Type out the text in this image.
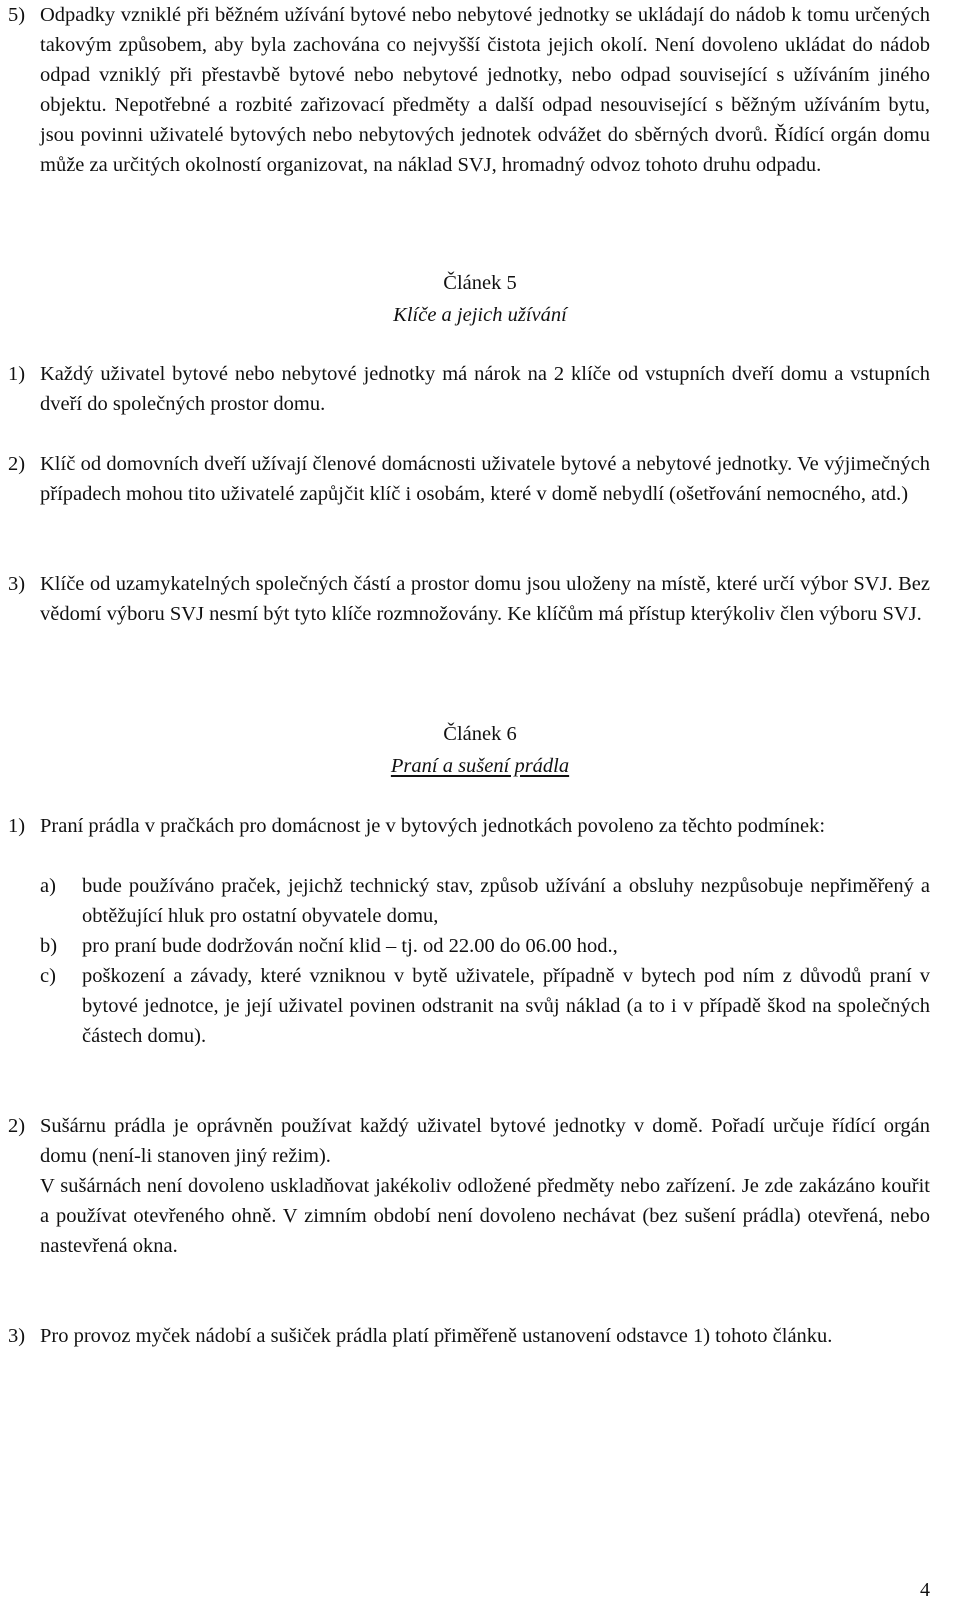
5) Odpadky vzniklé při běžném užívání bytové nebo nebytové jednotky se ukládají do nádob k tomu určených takovým způsobem, aby byla zachována co nejvyšší čistota jejich okolí. Není dovoleno ukládat do nádob odpad vzniklý při přestavbě bytové nebo nebytové jednotky, nebo odpad související s užíváním jiného objektu. Nepotřebné a rozbité zařizovací předměty a další odpad nesouvisející s běžným užíváním bytu, jsou povinni uživatelé bytových nebo nebytových jednotek odvážet do sběrných dvorů. Řídící orgán domu může za určitých okolností organizovat, na náklad SVJ, hromadný odvoz tohoto druhu odpadu.
Článek 5
Klíče a jejich užívání
1) Každý uživatel bytové nebo nebytové jednotky má nárok na 2 klíče od vstupních dveří domu a vstupních dveří do společných prostor domu.
2) Klíč od domovních dveří užívají členové domácnosti uživatele bytové a nebytové jednotky. Ve výjimečných případech mohou tito uživatelé zapůjčit klíč i osobám, které v domě nebydlí (ošetřování nemocného, atd.)
3) Klíče od uzamykatelných společných částí a prostor domu jsou uloženy na místě, které určí výbor SVJ. Bez vědomí výboru SVJ nesmí být tyto klíče rozmnožovány. Ke klíčům má přístup kterýkoliv člen výboru SVJ.
Článek 6
Praní a sušení prádla
1) Praní prádla v pračkách pro domácnost je v bytových jednotkách povoleno za těchto podmínek:
a) bude používáno praček, jejichž technický stav, způsob užívání a obsluhy nezpůsobuje nepřiměřený a obtěžující hluk pro ostatní obyvatele domu,
b) pro praní bude dodržován noční klid – tj. od 22.00 do 06.00 hod.,
c) poškození a závady, které vzniknou v bytě uživatele, případně v bytech pod ním z důvodů praní v bytové jednotce, je její uživatel povinen odstranit na svůj náklad (a to i v případě škod na společných částech domu).
2) Sušárnu prádla je oprávněn používat každý uživatel bytové jednotky v domě. Pořadí určuje řídící orgán domu (není-li stanoven jiný režim).

V sušárnách není dovoleno uskladňovat jakékoliv odložené předměty nebo zařízení. Je zde zakázáno kouřit a používat otevřeného ohně. V zimním období není dovoleno nechávat (bez sušení prádla) otevřená, nebo nastevřená okna.

3) Pro provoz myček nádobí a sušiček prádla platí přiměřeně ustanovení odstavce 1) tohoto článku.
4
